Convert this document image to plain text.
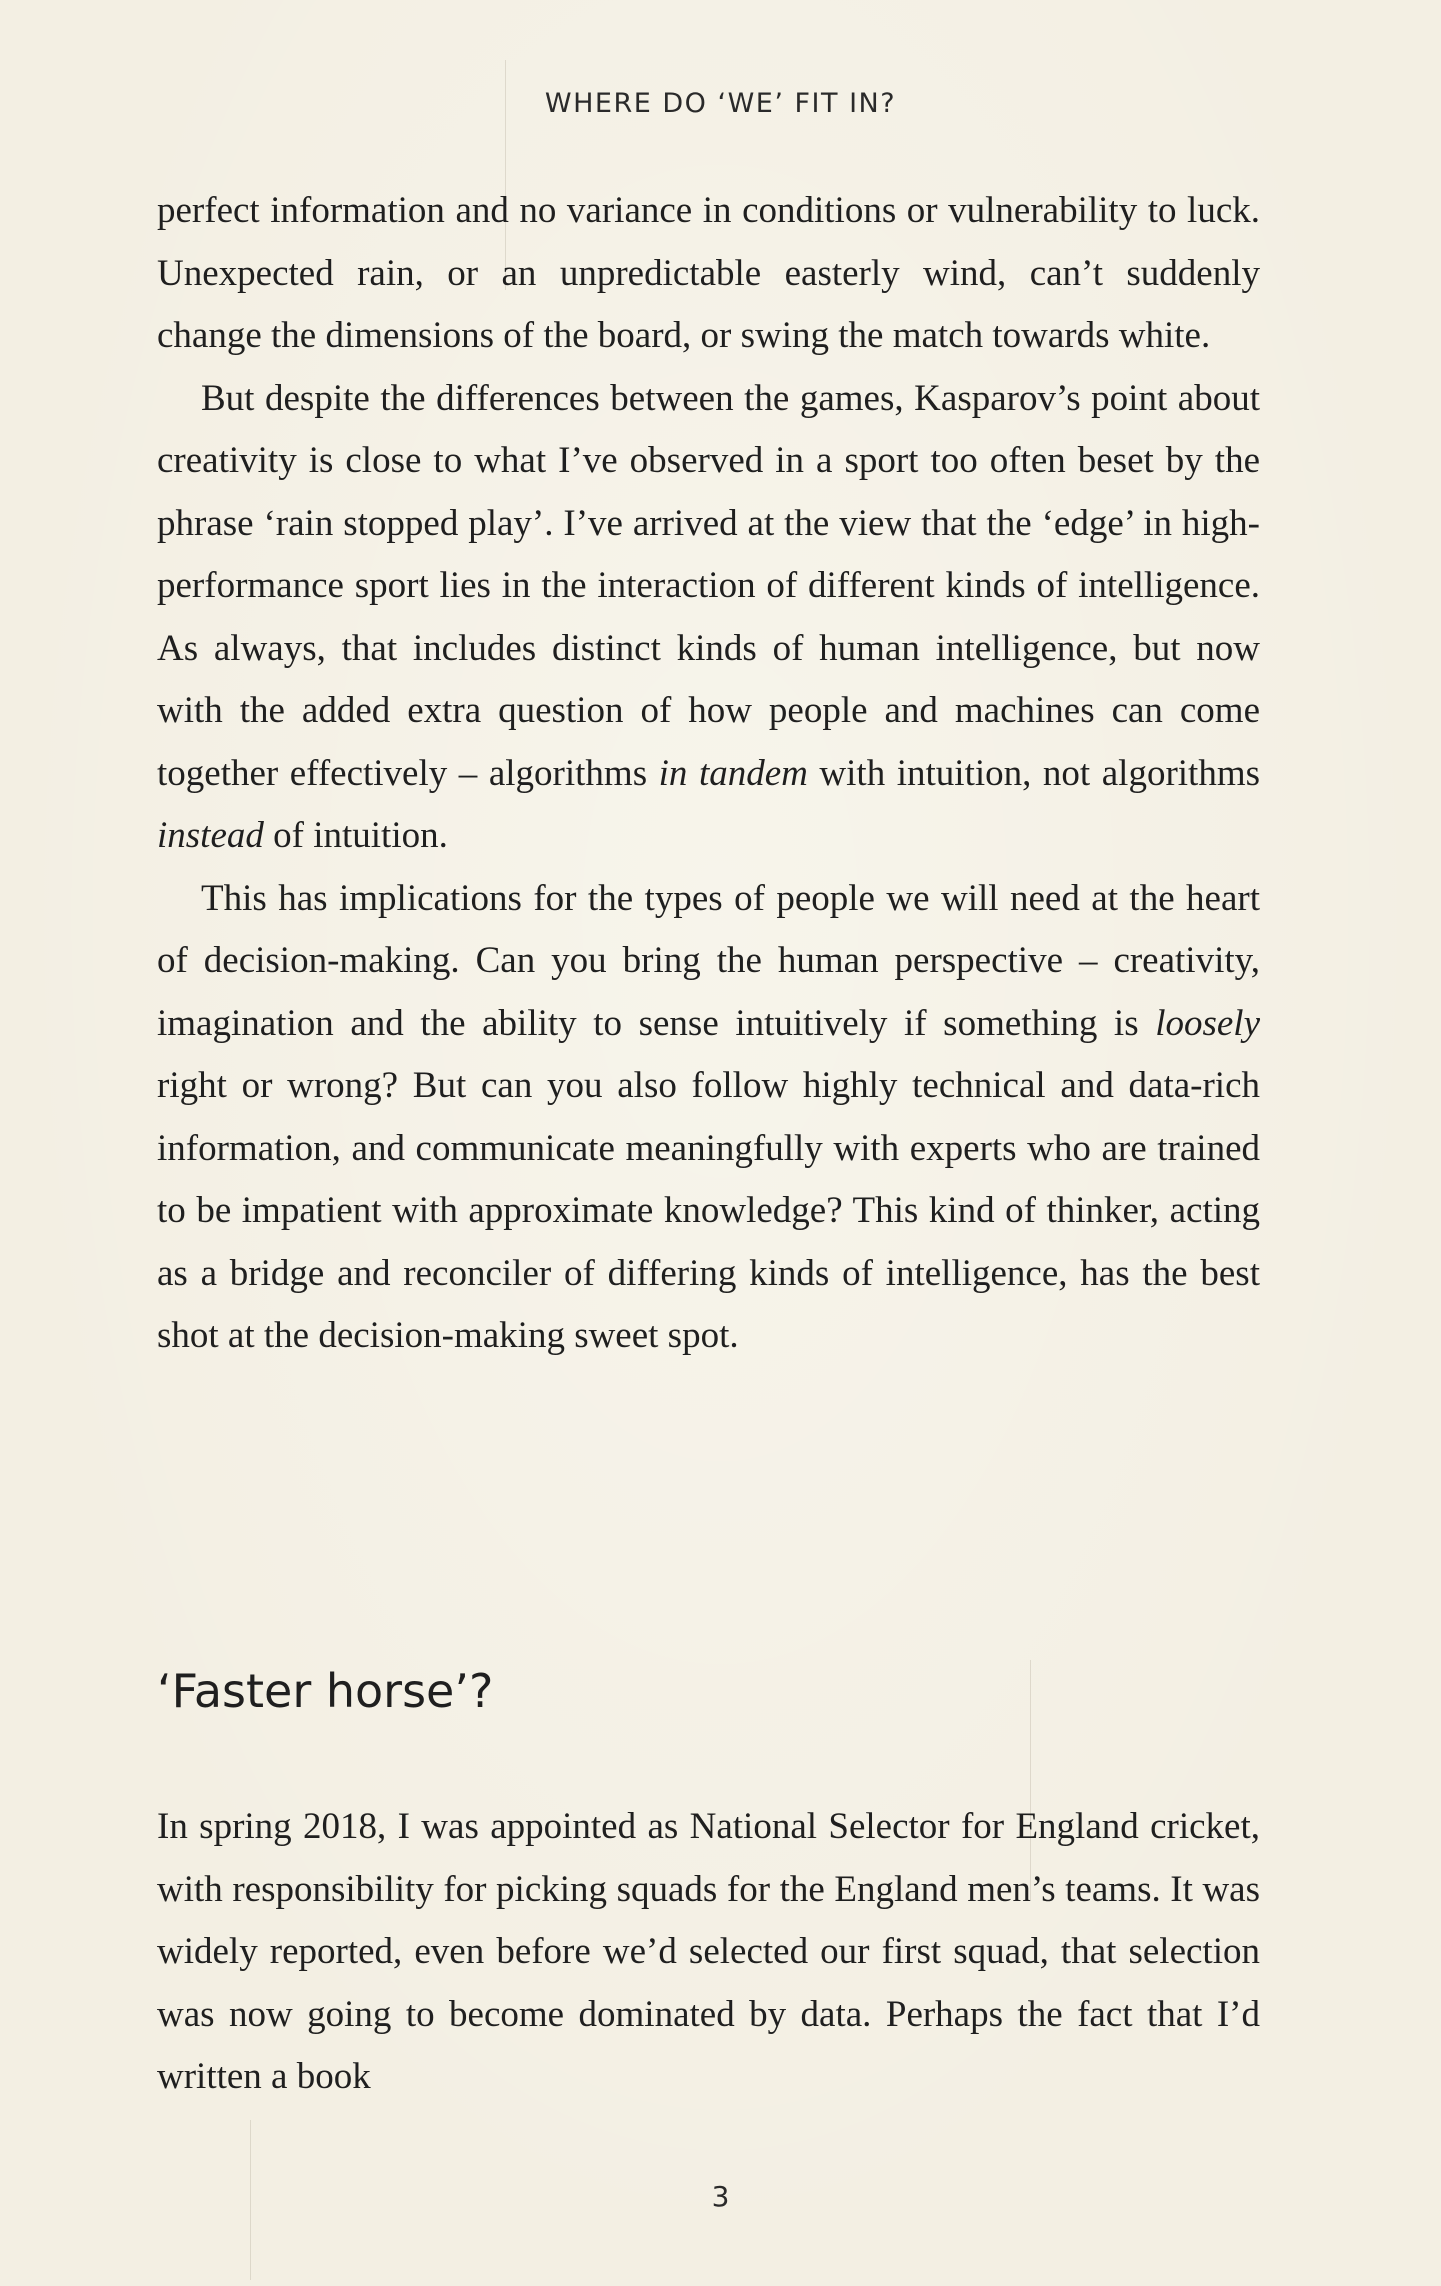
WHERE DO ‘WE’ FIT IN?

perfect information and no variance in conditions or vulnerability to luck. Unexpected rain, or an unpredictable easterly wind, can’t suddenly change the dimensions of the board, or swing the match towards white.

But despite the differences between the games, Kasparov’s point about creativity is close to what I’ve observed in a sport too often beset by the phrase ‘rain stopped play’. I’ve arrived at the view that the ‘edge’ in high-performance sport lies in the interaction of different kinds of intelligence. As always, that includes distinct kinds of human intelligence, but now with the added extra question of how people and machines can come together effectively – algorithms in tandem with intuition, not algorithms instead of intuition.

This has implications for the types of people we will need at the heart of decision-making. Can you bring the human perspective – creativity, imagination and the ability to sense intuitively if something is loosely right or wrong? But can you also follow highly technical and data-rich information, and communicate meaningfully with experts who are trained to be impatient with approximate knowledge? This kind of thinker, acting as a bridge and reconciler of differing kinds of intelligence, has the best shot at the decision-making sweet spot.

‘Faster horse’?

In spring 2018, I was appointed as National Selector for England cricket, with responsibility for picking squads for the England men’s teams. It was widely reported, even before we’d selected our first squad, that selection was now going to become dominated by data. Perhaps the fact that I’d written a book

3
